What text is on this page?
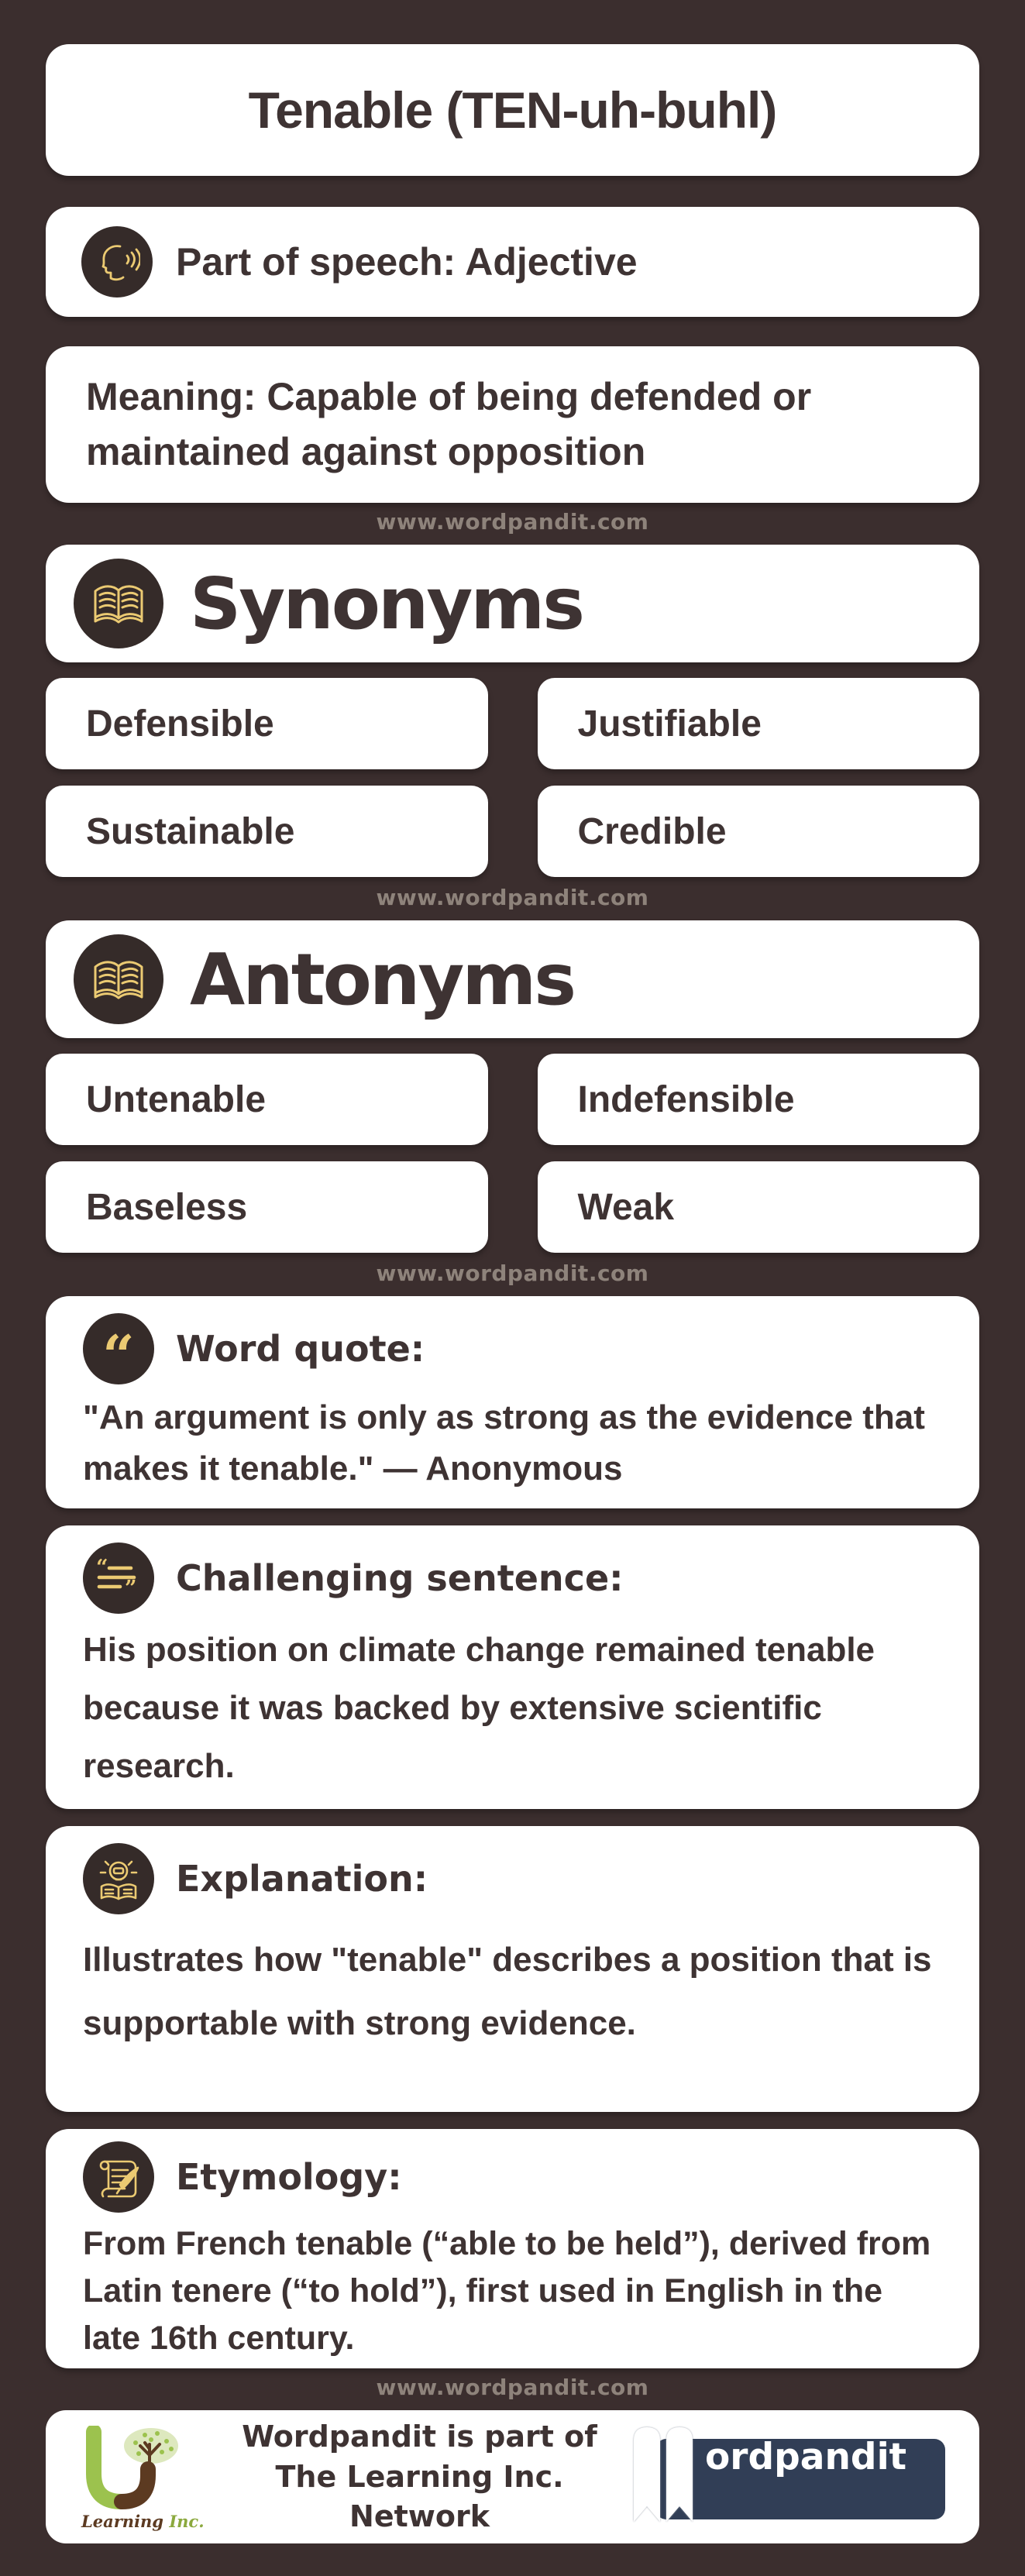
Tenable (TEN-uh-buhl)
Part of speech: Adjective
Meaning: Capable of being defended or maintained against opposition
www.wordpandit.com
Synonyms
Defensible	Justifiable
Sustainable	Credible
www.wordpandit.com
Antonyms
Untenable	Indefensible
Baseless	Weak
www.wordpandit.com
“ Word quote:
"An argument is only as strong as the evidence that makes it tenable." — Anonymous
“
” Challenging sentence:
His position on climate change remained tenable because it was backed by extensive scientific research.
Explanation:
Illustrates how "tenable" describes a position that is supportable with strong evidence.
Etymology:
From French tenable (“able to be held”), derived from Latin tenere (“to hold”), first used in English in the late 16th century.
www.wordpandit.com
Learning Inc.
Wordpandit is part of
The Learning Inc. Network
ordpandit
